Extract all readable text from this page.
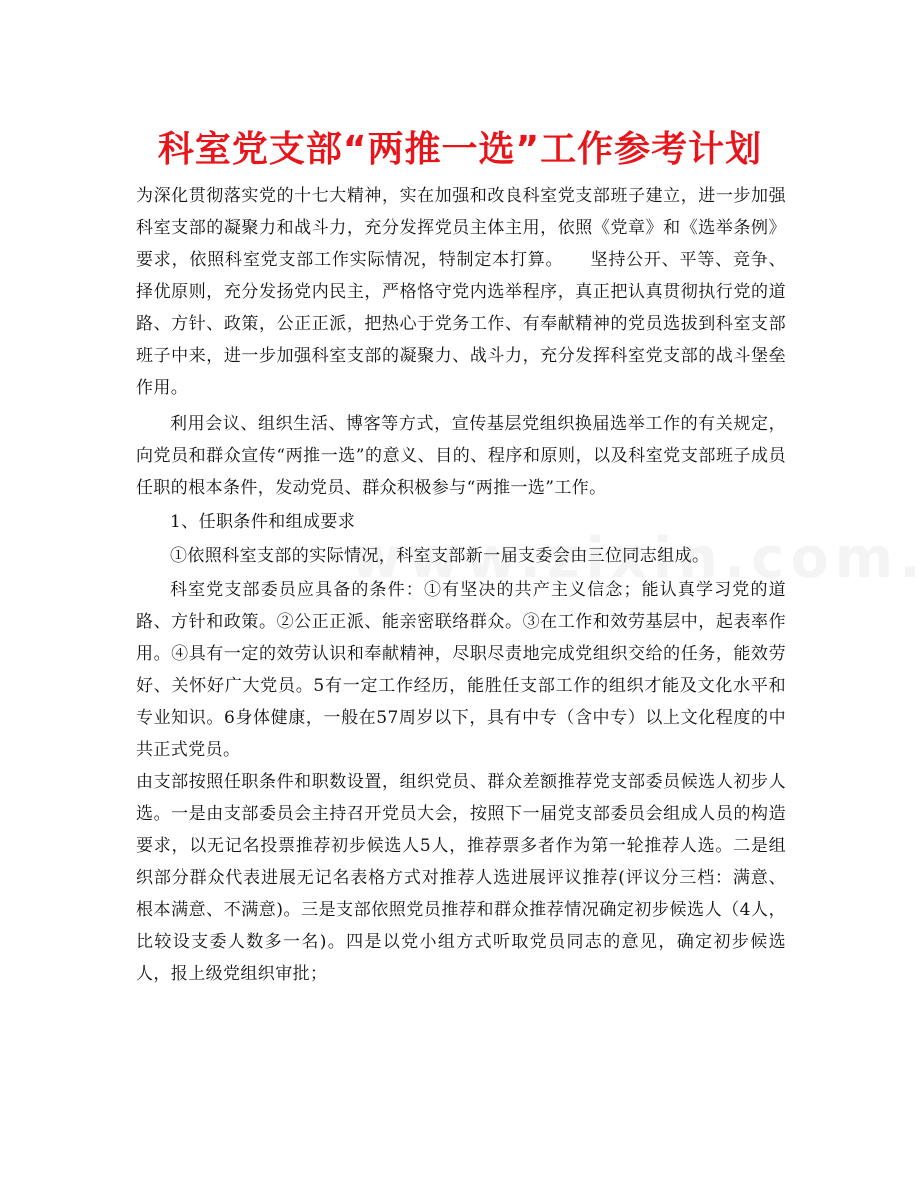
科室党支部“两推一选”工作参考计划

为深化贯彻落实党的十七大精神，实在加强和改良科室党支部班子建立，进一步加强科室支部的凝聚力和战斗力，充分发挥党员主体主用，依照《党章》和《选举条例》要求，依照科室党支部工作实际情况，特制定本打算。　　坚持公开、平等、竞争、择优原则，充分发扬党内民主，严格恪守党内选举程序，真正把认真贯彻执行党的道路、方针、政策，公正正派，把热心于党务工作、有奉献精神的党员选拔到科室支部班子中来，进一步加强科室支部的凝聚力、战斗力，充分发挥科室党支部的战斗堡垒作用。

利用会议、组织生活、博客等方式，宣传基层党组织换届选举工作的有关规定，向党员和群众宣传“两推一选”的意义、目的、程序和原则，以及科室党支部班子成员任职的根本条件，发动党员、群众积极参与“两推一选”工作。

1、任职条件和组成要求

①依照科室支部的实际情况，科室支部新一届支委会由三位同志组成。

科室党支部委员应具备的条件：①有坚决的共产主义信念；能认真学习党的道路、方针和政策。②公正正派、能亲密联络群众。③在工作和效劳基层中，起表率作用。④具有一定的效劳认识和奉献精神，尽职尽责地完成党组织交给的任务，能效劳好、关怀好广大党员。5有一定工作经历，能胜任支部工作的组织才能及文化水平和专业知识。6身体健康，一般在57周岁以下，具有中专（含中专）以上文化程度的中共正式党员。

由支部按照任职条件和职数设置，组织党员、群众差额推荐党支部委员候选人初步人选。一是由支部委员会主持召开党员大会，按照下一届党支部委员会组成人员的构造要求，以无记名投票推荐初步候选人5人，推荐票多者作为第一轮推荐人选。二是组织部分群众代表进展无记名表格方式对推荐人选进展评议推荐(评议分三档：满意、根本满意、不满意)。三是支部依照党员推荐和群众推荐情况确定初步候选人（4人，比较设支委人数多一名)。四是以党小组方式听取党员同志的意见，确定初步候选人，报上级党组织审批；
